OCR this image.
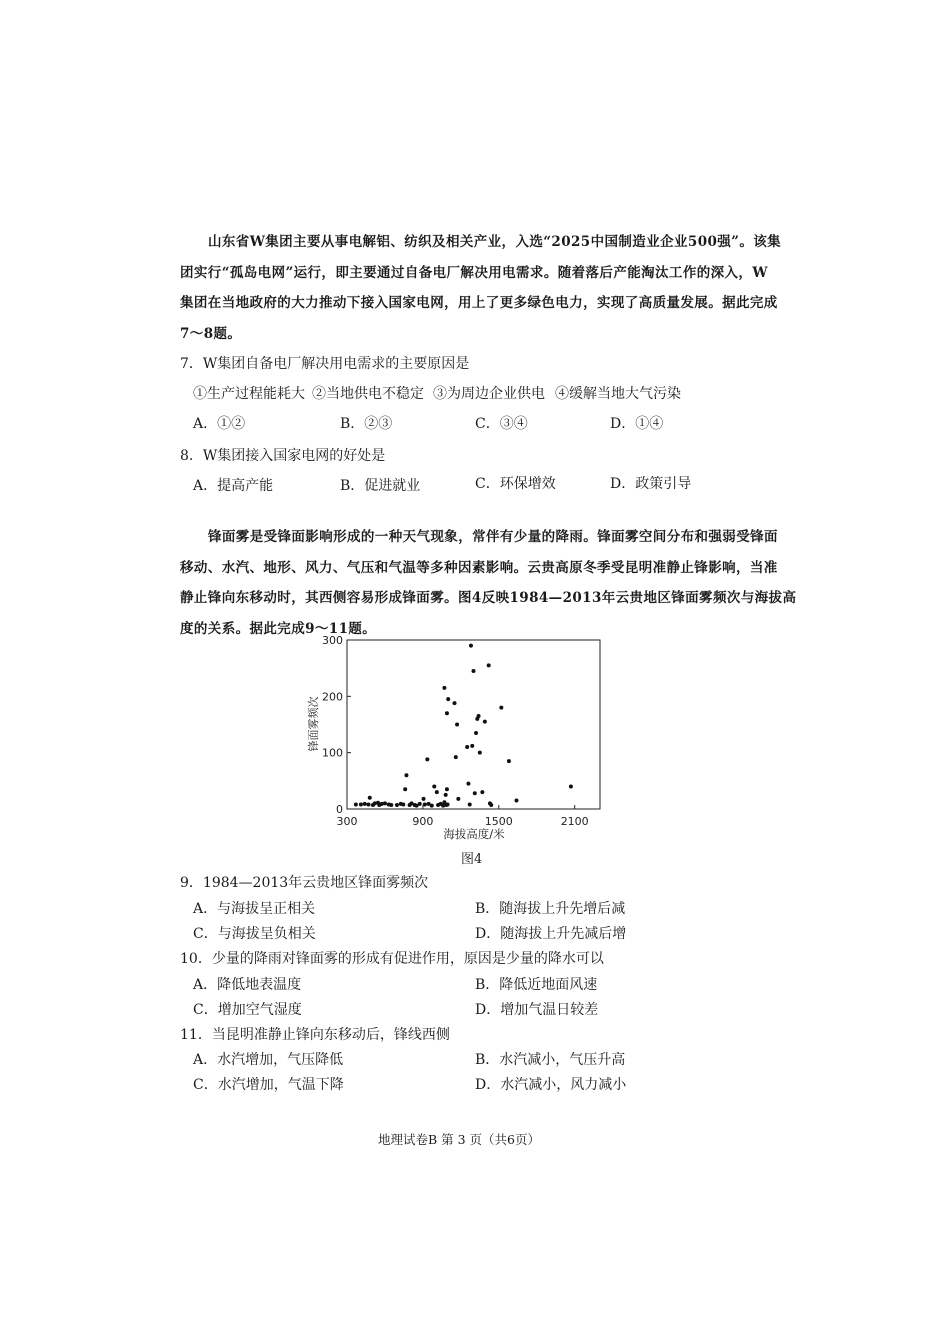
山东省W集团主要从事电解铝、纺织及相关产业，入选“2025中国制造业企业500强”。该集
团实行“孤岛电网”运行，即主要通过自备电厂解决用电需求。随着落后产能淘汰工作的深入，W
集团在当地政府的大力推动下接入国家电网，用上了更多绿色电力，实现了高质量发展。据此完成
7～8题。
7．W集团自备电厂解决用电需求的主要原因是
①生产过程能耗大 ②当地供电不稳定 ③为周边企业供电 ④缓解当地大气污染
A．①②	B．②③	C．③④	D．①④
8．W集团接入国家电网的好处是
A．提高产能	B．促进就业	C．环保增效	D．政策引导
锋面雾是受锋面影响形成的一种天气现象，常伴有少量的降雨。锋面雾空间分布和强弱受锋面
移动、水汽、地形、风力、气压和气温等多种因素影响。云贵高原冬季受昆明准静止锋影响，当准
静止锋向东移动时，其西侧容易形成锋面雾。图4反映1984—2013年云贵地区锋面雾频次与海拔高
度的关系。据此完成9～11题。
0
100
200
300
300	900	1500	2100
锋面雾频次
海拔高度/米
图4
9．1984—2013年云贵地区锋面雾频次
A．与海拔呈正相关	B．随海拔上升先增后减
C．与海拔呈负相关	D．随海拔上升先减后增
10．少量的降雨对锋面雾的形成有促进作用，原因是少量的降水可以
A．降低地表温度	B．降低近地面风速
C．增加空气湿度	D．增加气温日较差
11．当昆明准静止锋向东移动后，锋线西侧
A．水汽增加，气压降低	B．水汽减小，气压升高
C．水汽增加，气温下降	D．水汽减小，风力减小
地理试卷B 第 3 页（共6页）
